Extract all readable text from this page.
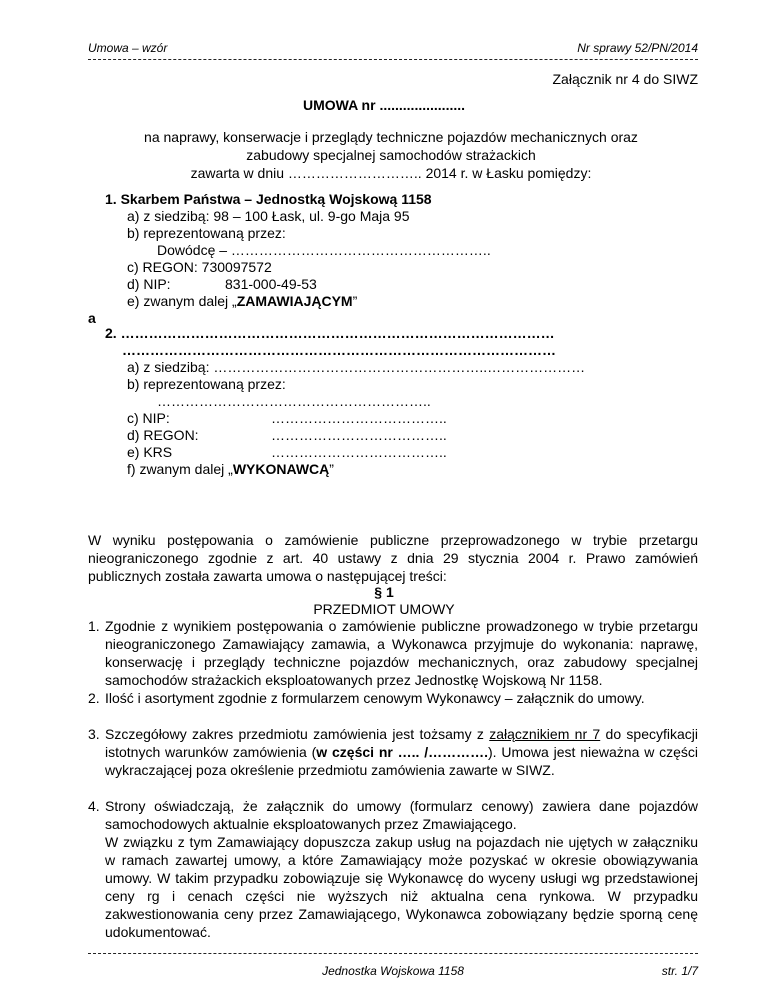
Umowa – wzór	Nr sprawy 52/PN/2014
Załącznik nr 4 do SIWZ
UMOWA nr ......................
na naprawy, konserwacje i przeglądy techniczne pojazdów mechanicznych oraz
zabudowy specjalnej samochodów strażackich
zawarta w dniu ……………………….. 2014 r. w Łasku pomiędzy:
1. Skarbem Państwa – Jednostką Wojskową 1158
a) z siedzibą: 98 – 100 Łask, ul. 9-go Maja 95
b) reprezentowaną przez:
Dowódcę – ………………………………………………..
c) REGON: 730097572
d) NIP:	831-000-49-53
e) zwanym dalej „ZAMAWIAJĄCYM”
a
2. …………………………………………………………………………………
…………………………………………………………………………………
a) z siedzibą: …………………………………………………..…………………
b) reprezentowaną przez:
…………………………………………………..
c) NIP:	………………………………..
d) REGON:	………………………………..
e) KRS	………………………………..
f) zwanym dalej „WYKONAWCĄ”
W wyniku postępowania o zamówienie publiczne przeprowadzonego w trybie przetargu nieograniczonego zgodnie z art. 40 ustawy z dnia 29 stycznia 2004 r. Prawo zamówień publicznych została zawarta umowa o następującej treści:
§ 1
PRZEDMIOT UMOWY
1. Zgodnie z wynikiem postępowania o zamówienie publiczne prowadzonego w trybie przetargu nieograniczonego Zamawiający zamawia, a Wykonawca przyjmuje do wykonania: naprawę, konserwację i przeglądy techniczne pojazdów mechanicznych, oraz zabudowy specjalnej samochodów strażackich eksploatowanych przez Jednostkę Wojskową Nr 1158.
2. Ilość i asortyment zgodnie z formularzem cenowym Wykonawcy – załącznik do umowy.
3. Szczegółowy zakres przedmiotu zamówienia jest tożsamy z załącznikiem nr 7 do specyfikacji istotnych warunków zamówienia (w części nr ….. /………….). Umowa jest nieważna w części wykraczającej poza określenie przedmiotu zamówienia zawarte w SIWZ.
4. Strony oświadczają, że załącznik do umowy (formularz cenowy) zawiera dane pojazdów samochodowych aktualnie eksploatowanych przez Zmawiającego.
W związku z tym Zamawiający dopuszcza zakup usług na pojazdach nie ujętych w załączniku w ramach zawartej umowy, a które Zamawiający może pozyskać w okresie obowiązywania umowy. W takim przypadku zobowiązuje się Wykonawcę do wyceny usługi wg przedstawionej ceny rg i cenach części nie wyższych niż aktualna cena rynkowa. W przypadku zakwestionowania ceny przez Zamawiającego, Wykonawca zobowiązany będzie sporną cenę udokumentować.
Jednostka Wojskowa 1158	str. 1/7
